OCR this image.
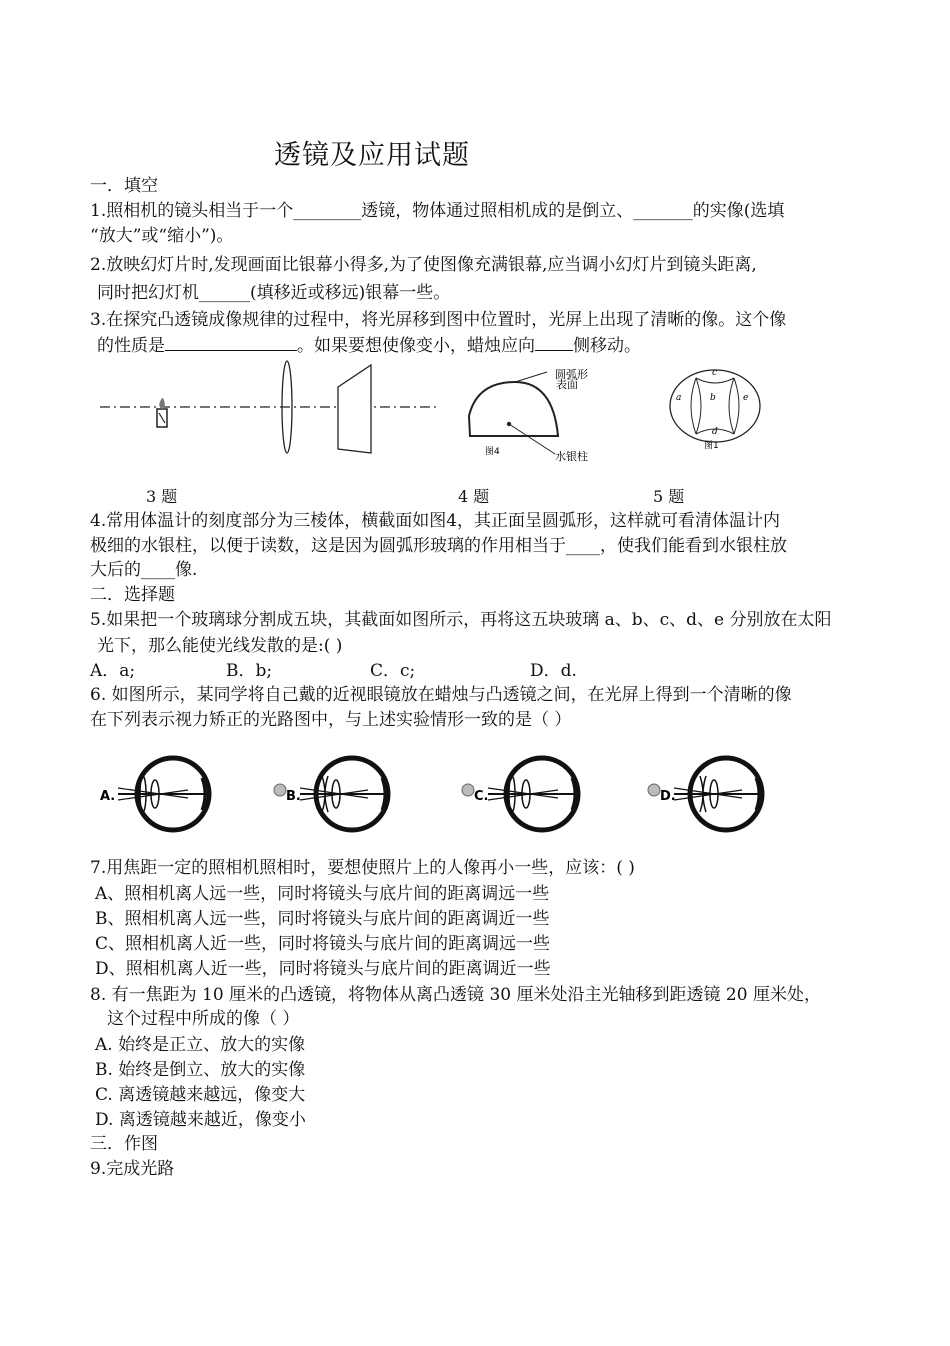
透镜及应用试题
一．填空
1.照相机的镜头相当于一个________透镜，物体通过照相机成的是倒立、_______的实像(选填
“放大”或“缩小”)。
2.放映幻灯片时,发现画面比银幕小得多,为了使图像充满银幕,应当调小幻灯片到镜头距离,
同时把幻灯机______(填移近或移远)银幕一些。
3.在探究凸透镜成像规律的过程中，将光屏移到图中位置时，光屏上出现了清晰的像。这个像
的性质是	。如果要想使像变小，蜡烛应向 侧移动。
圆弧形
表面
水银柱
图4
a	b
c
d
e
图1
3 题	4 题	5 题
4.常用体温计的刻度部分为三棱体，横截面如图4，其正面呈圆弧形，这样就可看清体温计内
极细的水银柱，以便于读数，这是因为圆弧形玻璃的作用相当于____，使我们能看到水银柱放
大后的____像.
二．选择题
5.如果把一个玻璃球分割成五块，其截面如图所示，再将这五块玻璃 a、b、c、d、e 分别放在太阳
光下，那么能使光线发散的是:( )
A．a;	B．b;	C．c;	D．d.
6. 如图所示，某同学将自己戴的近视眼镜放在蜡烛与凸透镜之间，在光屏上得到一个清晰的像
在下列表示视力矫正的光路图中，与上述实验情形一致的是（ ）
A.	B.	C.	D.
7.用焦距一定的照相机照相时，要想使照片上的人像再小一些，应该：( )
A、照相机离人远一些，同时将镜头与底片间的距离调远一些
B、照相机离人远一些，同时将镜头与底片间的距离调近一些
C、照相机离人近一些，同时将镜头与底片间的距离调远一些
D、照相机离人近一些，同时将镜头与底片间的距离调近一些
8. 有一焦距为 10 厘米的凸透镜，将物体从离凸透镜 30 厘米处沿主光轴移到距透镜 20 厘米处，
这个过程中所成的像（ ）
A. 始终是正立、放大的实像
B. 始终是倒立、放大的实像
C. 离透镜越来越远，像变大
D. 离透镜越来越近，像变小
三．作图
9.完成光路
